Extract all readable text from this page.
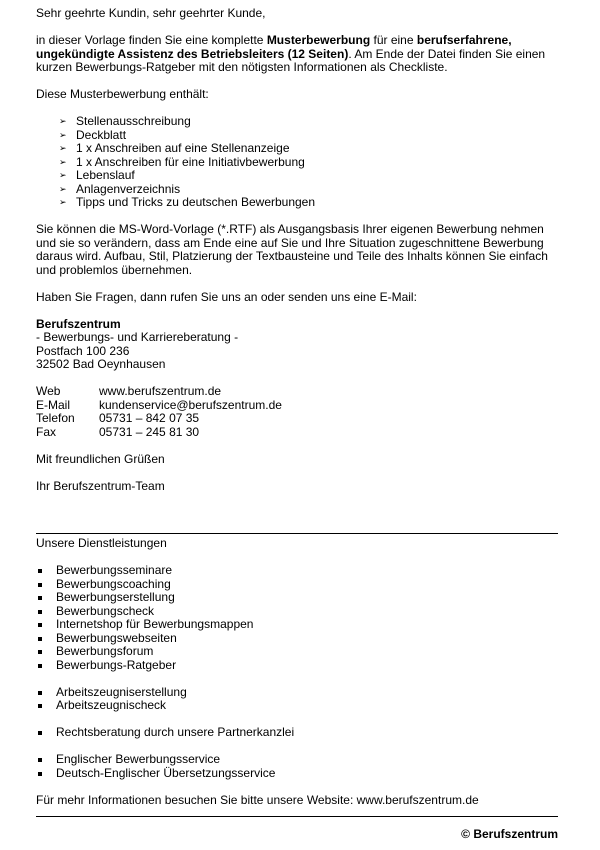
Sehr geehrte Kundin, sehr geehrter Kunde,

in dieser Vorlage finden Sie eine komplette Musterbewerbung für eine berufserfahrene, ungekündigte Assistenz des Betriebsleiters (12 Seiten). Am Ende der Datei finden Sie einen kurzen Bewerbungs-Ratgeber mit den nötigsten Informationen als Checkliste.

Diese Musterbewerbung enthält:

➢ Stellenausschreibung
➢ Deckblatt
➢ 1 x Anschreiben auf eine Stellenanzeige
➢ 1 x Anschreiben für eine Initiativbewerbung
➢ Lebenslauf
➢ Anlagenverzeichnis
➢ Tipps und Tricks zu deutschen Bewerbungen

Sie können die MS-Word-Vorlage (*.RTF) als Ausgangsbasis Ihrer eigenen Bewerbung nehmen und sie so verändern, dass am Ende eine auf Sie und Ihre Situation zugeschnittene Bewerbung daraus wird. Aufbau, Stil, Platzierung der Textbausteine und Teile des Inhalts können Sie einfach und problemlos übernehmen.

Haben Sie Fragen, dann rufen Sie uns an oder senden uns eine E-Mail:

Berufszentrum

- Bewerbungs- und Karriereberatung -

Postfach 100 236

32502 Bad Oeynhausen

Web	www.berufszentrum.de
E-Mail	kundenservice@berufszentrum.de
Telefon	05731 – 842 07 35
Fax	05731 – 245 81 30

Mit freundlichen Grüßen

Ihr Berufszentrum-Team

Unsere Dienstleistungen

Bewerbungsseminare
Bewerbungscoaching
Bewerbungserstellung
Bewerbungscheck
Internetshop für Bewerbungsmappen
Bewerbungswebseiten
Bewerbungsforum
Bewerbungs-Ratgeber
Arbeitszeugniserstellung
Arbeitszeugnischeck
Rechtsberatung durch unsere Partnerkanzlei
Englischer Bewerbungsservice
Deutsch-Englischer Übersetzungsservice

Für mehr Informationen besuchen Sie bitte unsere Website: www.berufszentrum.de

© Berufszentrum
